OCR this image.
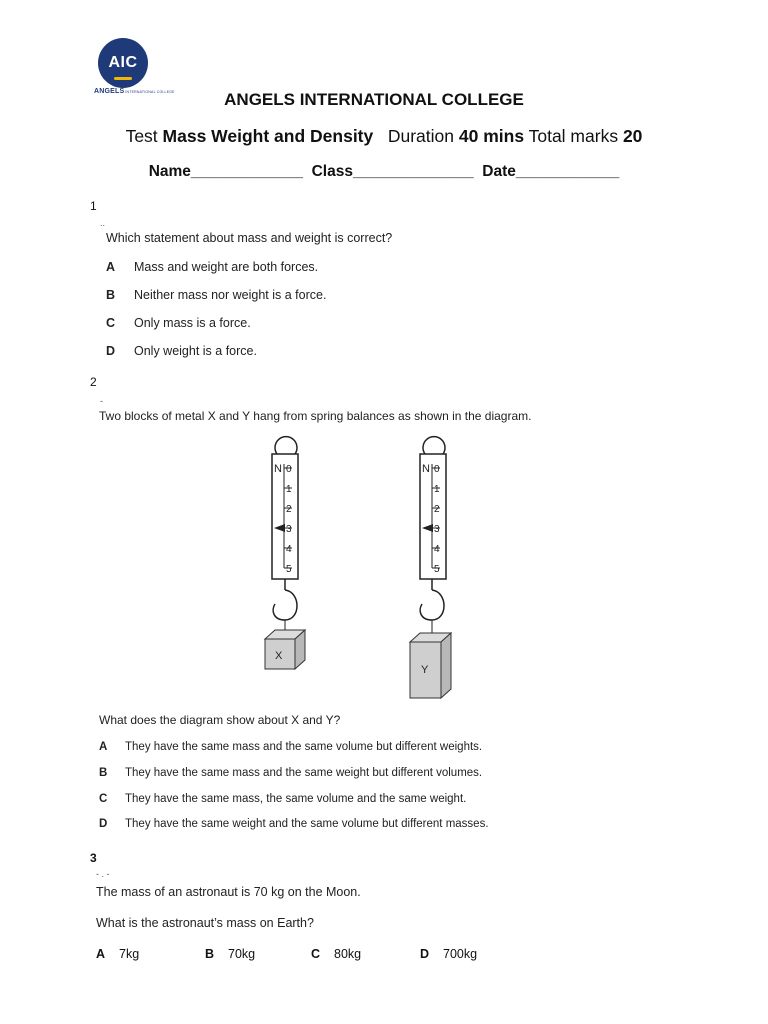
AIC
ANGELSINTERNATIONAL COLLEGE	ANGELS INTERNATIONAL COLLEGE
Test Mass Weight and Density Duration 40 mins Total marks 20
Name_____________ Class______________ Date____________
1
..
Which statement about mass and weight is correct?
A Mass and weight are both forces.
B Neither mass nor weight is a force.
C Only mass is a force.
D Only weight is a force.
2
-
Two blocks of metal X and Y hang from spring balances as shown in the diagram.
N 0
1
2
3
4
5
X
N 0
1
2
3
4
5
Y
What does the diagram show about X and Y?
A They have the same mass and the same volume but different weights.
B They have the same mass and the same weight but different volumes.
C They have the same mass, the same volume and the same weight.
D They have the same weight and the same volume but different masses.
3
- . -
The mass of an astronaut is 70 kg on the Moon.
What is the astronaut’s mass on Earth?
A 7kg	B 70kg	C 80kg	D 700kg
